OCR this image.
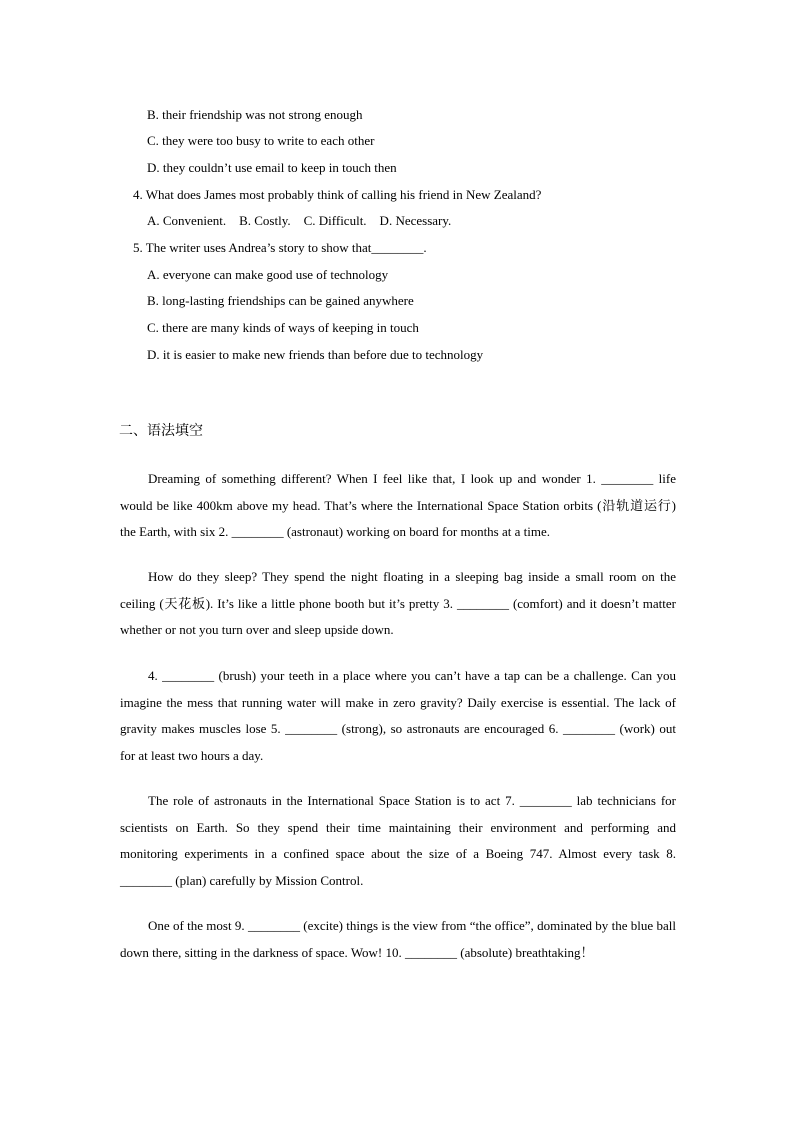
B. their friendship was not strong enough
C. they were too busy to write to each other
D. they couldn’t use email to keep in touch then
4. What does James most probably think of calling his friend in New Zealand?
A. Convenient.    B. Costly.    C. Difficult.    D. Necessary.
5. The writer uses Andrea’s story to show that________.
A. everyone can make good use of technology
B. long-lasting friendships can be gained anywhere
C. there are many kinds of ways of keeping in touch
D. it is easier to make new friends than before due to technology
二、语法填空

Dreaming of something different? When I feel like that, I look up and wonder 1. ________ life would be like 400km above my head. That’s where the International Space Station orbits (沿轨道运行) the Earth, with six 2. ________ (astronaut) working on board for months at a time.

How do they sleep? They spend the night floating in a sleeping bag inside a small room on the ceiling (天花板). It’s like a little phone booth but it’s pretty 3. ________ (comfort) and it doesn’t matter whether or not you turn over and sleep upside down.

4. ________ (brush) your teeth in a place where you can’t have a tap can be a challenge. Can you imagine the mess that running water will make in zero gravity? Daily exercise is essential. The lack of gravity makes muscles lose 5. ________ (strong), so astronauts are encouraged 6. ________ (work) out for at least two hours a day.

The role of astronauts in the International Space Station is to act 7. ________ lab technicians for scientists on Earth. So they spend their time maintaining their environment and performing and monitoring experiments in a confined space about the size of a Boeing 747. Almost every task 8. ________ (plan) carefully by Mission Control.

One of the most 9. ________ (excite) things is the view from “the office”, dominated by the blue ball down there, sitting in the darkness of space. Wow! 10. ________ (absolute) breathtaking！
